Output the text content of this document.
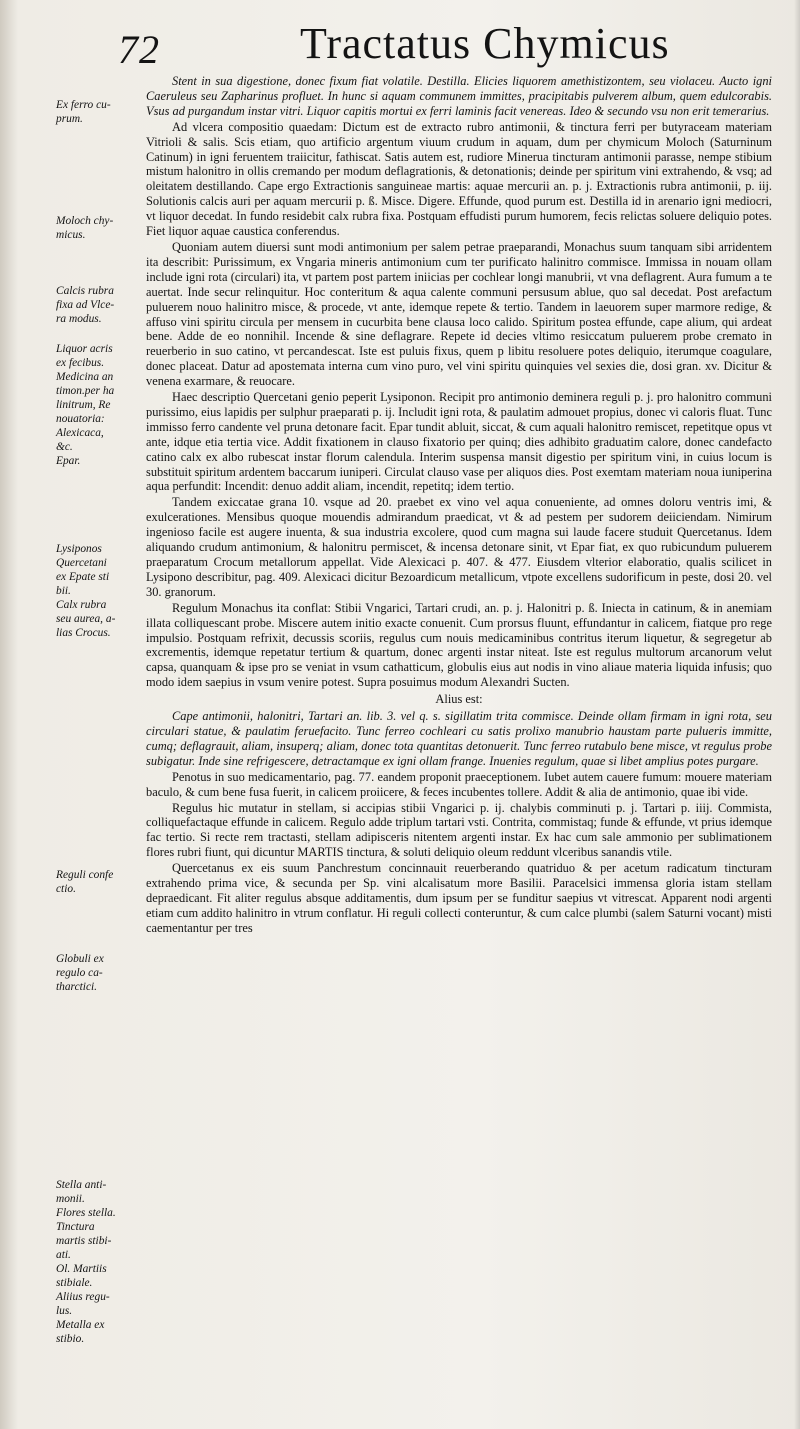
72	Tractatus Chymicus
Ex ferro cu-
prum.
Moloch chy-
micus.
Calcis rubra
fixa ad Vlce-
ra modus.
Liquor acris
ex fecibus.
Medicina an
timon.per ha
linitrum, Re
nouatoria:
Alexicaca,
&c.
Epar.
Lysiponos
Quercetani
ex Epate sti
bii.
Calx rubra
seu aurea, a-
lias Crocus.
Reguli confe
ctio.
Globuli ex
regulo ca-
tharctici.
Stella anti-
monii.
Flores stella.
Tinctura
martis stibi-
ati.
Ol. Martiis
stibiale.
Aliius regu-
lus.
Metalla ex
stibio.

Stent in sua digestione, donec fixum fiat volatile. Destilla. Elicies liquorem amethistizontem, seu violaceu. Aucto igni Caeruleus seu Zapharinus profluet. In hunc si aquam communem immittes, pracipitabis pulverem album, quem edulcorabis. Vsus ad purgandum instar vitri. Liquor capitis mortui ex ferri laminis facit venereas. Ideo & secundo vsu non erit temerarius.

Ad vlcera compositio quaedam: Dictum est de extracto rubro antimonii, & tinctura ferri per butyraceam materiam Vitrioli & salis. Scis etiam, quo artificio argentum viuum crudum in aquam, dum per chymicum Moloch (Saturninum Catinum) in igni feruentem traiicitur, fathiscat. Satis autem est, rudiore Mineruа tincturam antimonii parasse, nempe stibium mistum halonitro in ollis cremando per modum deflagrationis, & detonationis; deinde per spiritum vini extrahendo, & vsq; ad oleitatem destillando. Cape ergo Extractionis sanguineae martis: aquae mercurii an. p. j. Extractionis rubra antimonii, p. iij. Solutionis calcis auri per aquam mercurii p. ß. Misce. Digere. Effunde, quod purum est. Destilla id in arenario igni mediocri, vt liquor decedat. In fundo residebit calx rubra fixa. Postquam effudisti purum humorem, fecis relictas soluere deliquio potes. Fiet liquor aquae caustica conferendus.

Quoniam autem diuersi sunt modi antimonium per salem petrae praeparandi, Monachus suum tanquam sibi arridentem ita describit: Purissimum, ex Vngaria mineris antimonium cum ter purificato halinitro commisce. Immissa in nouam ollam include igni rota (circulari) ita, vt partem post partem iniicias per cochlear longi manubrii, vt vna deflagrent. Aura fumum a te auertat. Inde secur relinquitur. Hoc conteritum & aqua calente communi persusum ablue, quo sal decedat. Post arefactum puluerem nouo halinitro misce, & procede, vt ante, idemque repete & tertio. Tandem in laeuorem super marmore redige, & affuso vini spiritu circula per mensem in cucurbita bene clausa loco calido. Spiritum postea effunde, cape alium, qui ardeat bene. Adde de eo nonnihil. Incende & sine deflagrare. Repete id decies vltimo resiccatum puluerem probe cremato in reuerberio in suo catino, vt percandescat. Iste est puluis fixus, quem p libitu resoluere potes deliquio, iterumque coagulare, donec placeat. Datur ad apostemata interna cum vino puro, vel vini spiritu quinquies vel sexies die, dosi gran. xv. Dicitur & venena exarmare, & reuocare.

Haec descriptio Quercetani genio peperit Lysiponon. Recipit pro antimonio deminera reguli p. j. pro halonitro communi purissimo, eius lapidis per sulphur praeparati p. ij. Includit igni rota, & paulatim admouet propius, donec vi caloris fluat. Tunc immisso ferro candente vel pruna detonare facit. Epar tundit abluit, siccat, & cum aquali halonitro remiscet, repetitque opus vt ante, idque etia tertia vice. Addit fixationem in clauso fixatorio per quinq; dies adhibito graduatim calore, donec candefacto catino calx ex albo rubescat instar florum calendula. Interim suspensa mansit digestio per spiritum vini, in cuius locum is substituit spiritum ardentem baccarum iuniperi. Circulat clauso vase per aliquos dies. Post exemtam materiam noua iuniperina aqua perfundit: Incendit: denuo addit aliam, incendit, repetitq; idem tertio.

Tandem exiccatae grana 10. vsque ad 20. praebet ex vino vel aqua conueniente, ad omnes doloru ventris imi, & exulcerationes. Mensibus quoque mouendis admirandum praedicat, vt & ad pestem per sudorem deiiciendam. Nimirum ingenioso facile est augere inuenta, & sua industria excolere, quod cum magna sui laude facere studuit Quercetanus. Idem aliquando crudum antimonium, & halonitru permiscet, & incensa detonare sinit, vt Epar fiat, ex quo rubicundum puluerem praeparatum Crocum metallorum appellat. Vide Alexicaci p. 407. & 477. Eiusdem vlterior elaboratio, qualis scilicet in Lysipono describitur, pag. 409. Alexicaci dicitur Bezoardicum metallicum, vtpote excellens sudorificum in peste, dosi 20. vel 30. granorum.

Regulum Monachus ita conflat: Stibii Vngarici, Tartari crudi, an. p. j. Halonitri p. ß. Iniecta in catinum, & in anemiam illata colliquescant probe. Miscere autem initio exacte conuenit. Cum prorsus fluunt, effundantur in calicem, fiatque pro rege impulsio. Postquam refrixit, decussis scoriis, regulus cum nouis medicaminibus contritus iterum liquetur, & segregetur ab excrementis, idemque repetatur tertium & quartum, donec argenti instar niteat. Iste est regulus multorum arcanorum velut capsa, quanquam & ipse pro se veniat in vsum cathatticum, globulis eius aut nodis in vino aliaue materia liquida infusis; quo modo idem saepius in vsum venire potest. Supra posuimus modum Alexandri Sucten.

Alius est:

Cape antimonii, halonitri, Tartari an. lib. 3. vel q. s. sigillatim trita commisce. Deinde ollam firmam in igni rota, seu circulari statue, & paulatim feruefacito. Tunc ferreo cochleari cu satis prolixo manubrio haustam parte pulueris immitte, cumq; deflagrauit, aliam, insuperq; aliam, donec tota quantitas detonuerit. Tunc ferreo rutabulo bene misce, vt regulus probe subigatur. Inde sine refrigescere, detractamque ex igni ollam frange. Inuenies regulum, quae si libet amplius potes purgare.

Penotus in suo medicamentario, pag. 77. eandem proponit praeceptionem. Iubet autem cauere fumum: mouere materiam baculo, & cum bene fusa fuerit, in calicem proiicere, & feces incubentes tollere. Addit & alia de antimonio, quae ibi vide.

Regulus hic mutatur in stellam, si accipias stibii Vngarici p. ij. chalybis comminuti p. j. Tartari p. iiij. Commista, colliquefactaque effunde in calicem. Regulo adde triplum tartari vsti. Contrita, commistaq; funde & effunde, vt prius idemque fac tertio. Si recte rem tractasti, stellam adipisceris nitentem argenti instar. Ex hac cum sale ammonio per sublimationem flores rubri fiunt, qui dicuntur MARTIS tinctura, & soluti deliquio oleum reddunt vlceribus sanandis vtile.

Quercetanus ex eis suum Panchrestum concinnauit reuerberando quatriduo & per acetum radicatum tincturam extrahendo prima vice, & secunda per Sp. vini alcalisatum more Basilii. Paracelsici immensa gloria istam stellam depraedicant. Fit aliter regulus absque additamentis, dum ipsum per se funditur saepius vt vitrescat. Apparent nodi argenti etiam cum addito halinitro in vtrum conflatur. Hi reguli collecti conteruntur, & cum calce plumbi (salem Saturni vocant) misti caementantur per tres
